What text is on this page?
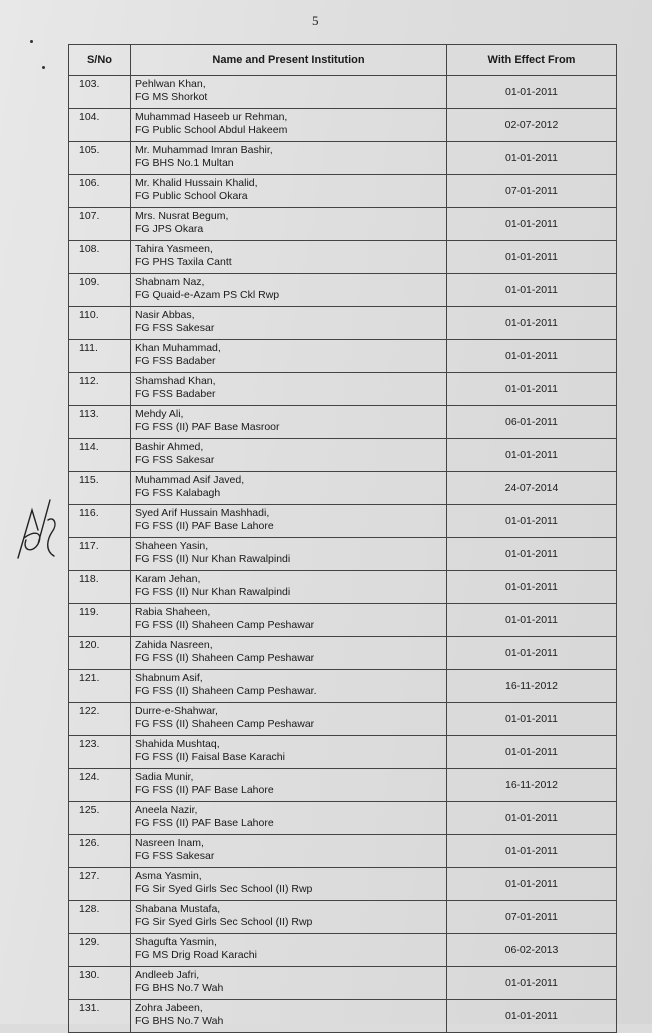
5
S/No	Name and Present Institution	With Effect From
103.	Pehlwan Khan,
FG MS Shorkot	01-01-2011
104.	Muhammad Haseeb ur Rehman,
FG Public School Abdul Hakeem	02-07-2012
105.	Mr. Muhammad Imran Bashir,
FG BHS No.1 Multan	01-01-2011
106.	Mr. Khalid Hussain Khalid,
FG Public School Okara	07-01-2011
107.	Mrs. Nusrat Begum,
FG JPS Okara	01-01-2011
108.	Tahira Yasmeen,
FG PHS Taxila Cantt	01-01-2011
109.	Shabnam Naz,
FG Quaid-e-Azam PS Ckl Rwp	01-01-2011
110.	Nasir Abbas,
FG FSS Sakesar	01-01-2011
111.	Khan Muhammad,
FG FSS Badaber	01-01-2011
112.	Shamshad Khan,
FG FSS Badaber	01-01-2011
113.	Mehdy Ali,
FG FSS (II) PAF Base Masroor	06-01-2011
114.	Bashir Ahmed,
FG FSS Sakesar	01-01-2011
115.	Muhammad Asif Javed,
FG FSS Kalabagh	24-07-2014
116.	Syed Arif Hussain Mashhadi,
FG FSS (II) PAF Base Lahore	01-01-2011
117.	Shaheen Yasin,
FG FSS (II) Nur Khan Rawalpindi	01-01-2011
118.	Karam Jehan,
FG FSS (II) Nur Khan Rawalpindi	01-01-2011
119.	Rabia Shaheen,
FG FSS (II) Shaheen Camp Peshawar	01-01-2011
120.	Zahida Nasreen,
FG FSS (II) Shaheen Camp Peshawar	01-01-2011
121.	Shabnum Asif,
FG FSS (II) Shaheen Camp Peshawar.	16-11-2012
122.	Durre-e-Shahwar,
FG FSS (II) Shaheen Camp Peshawar	01-01-2011
123.	Shahida Mushtaq,
FG FSS (II) Faisal Base Karachi	01-01-2011
124.	Sadia Munir,
FG FSS (II) PAF Base Lahore	16-11-2012
125.	Aneela Nazir,
FG FSS (II) PAF Base Lahore	01-01-2011
126.	Nasreen Inam,
FG FSS Sakesar	01-01-2011
127.	Asma Yasmin,
FG Sir Syed Girls Sec School (II) Rwp	01-01-2011
128.	Shabana Mustafa,
FG Sir Syed Girls Sec School (II) Rwp	07-01-2011
129.	Shagufta Yasmin,
FG MS Drig Road Karachi	06-02-2013
130.	Andleeb Jafri,
FG BHS No.7 Wah	01-01-2011
131.	Zohra Jabeen,
FG BHS No.7 Wah	01-01-2011
